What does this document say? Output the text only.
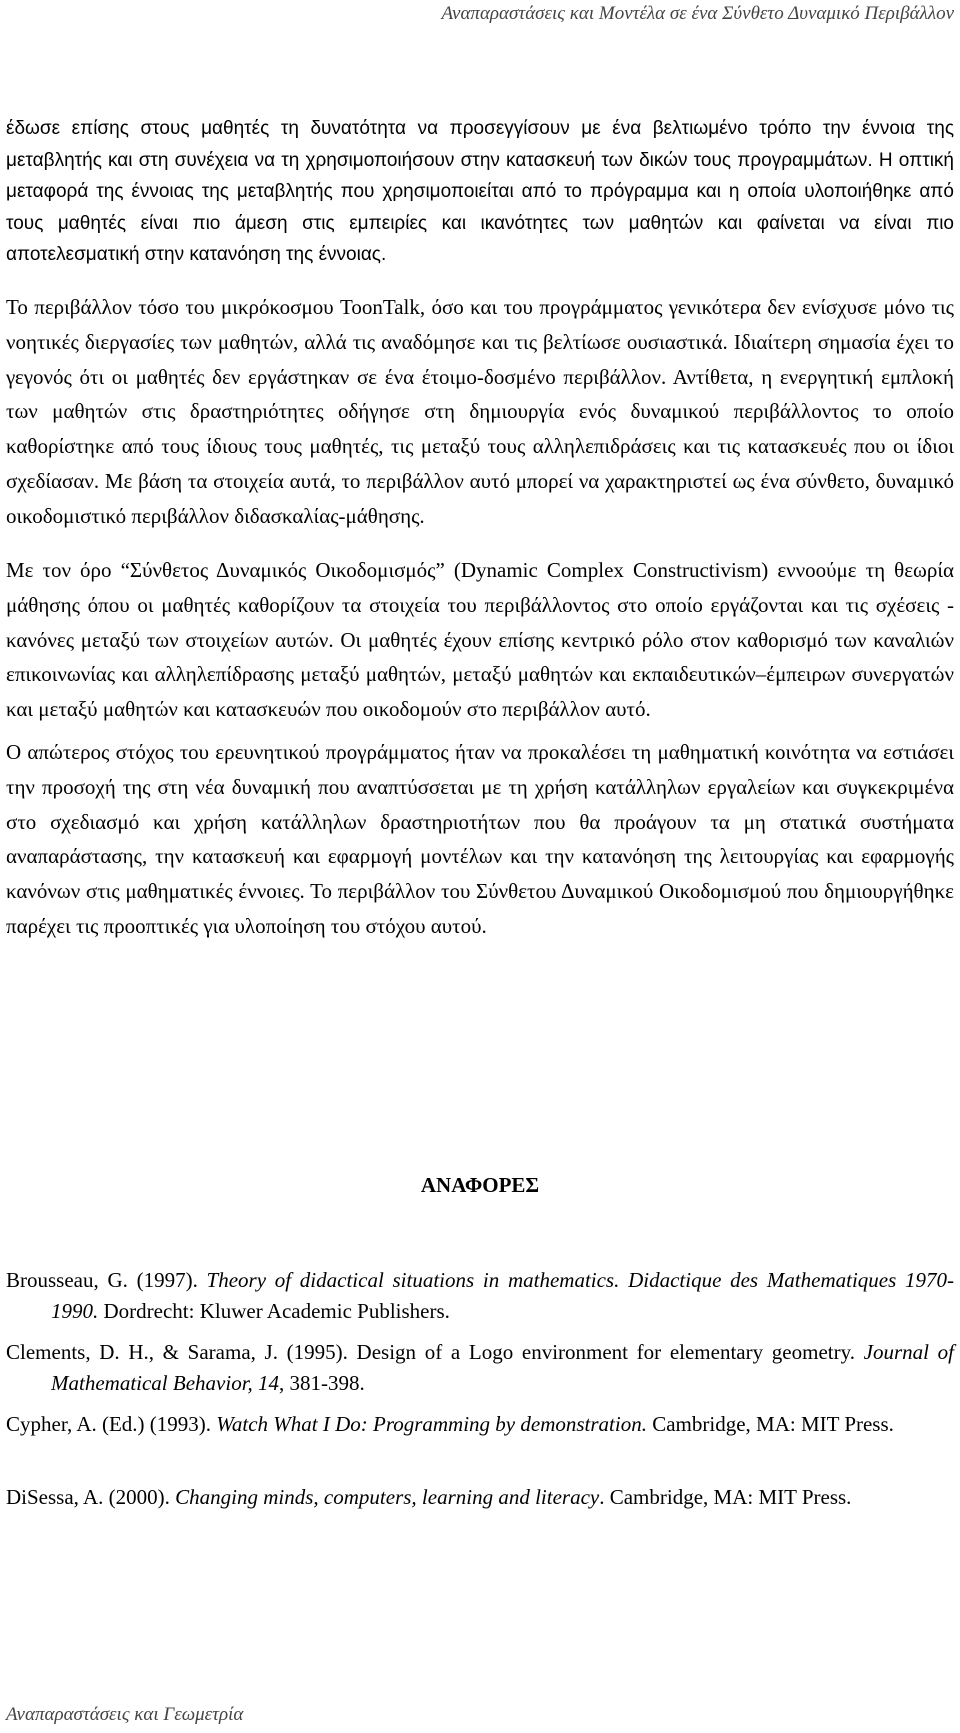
Αναπαραστάσεις και Μοντέλα σε ένα Σύνθετο Δυναμικό Περιβάλλον

έδωσε επίσης στους μαθητές τη δυνατότητα να προσεγγίσουν με ένα βελτιωμένο τρόπο την έννοια της μεταβλητής και στη συνέχεια να τη χρησιμοποιήσουν στην κατασκευή των δικών τους προγραμμάτων. Η οπτική μεταφορά της έννοιας της μεταβλητής που χρησιμοποιείται από το πρόγραμμα και η οποία υλοποιήθηκε από τους μαθητές είναι πιο άμεση στις εμπειρίες και ικανότητες των μαθητών και φαίνεται να είναι πιο αποτελεσματική στην κατανόηση της έννοιας.

Το περιβάλλον τόσο του μικρόκοσμου ToonTalk, όσο και του προγράμματος γενικότερα δεν ενίσχυσε μόνο τις νοητικές διεργασίες των μαθητών, αλλά τις αναδόμησε και τις βελτίωσε ουσιαστικά. Ιδιαίτερη σημασία έχει το γεγονός ότι οι μαθητές δεν εργάστηκαν σε ένα έτοιμο-δοσμένο περιβάλλον. Αντίθετα, η ενεργητική εμπλοκή των μαθητών στις δραστηριότητες οδήγησε στη δημιουργία ενός δυναμικού περιβάλλοντος το οποίο καθορίστηκε από τους ίδιους τους μαθητές, τις μεταξύ τους αλληλεπιδράσεις και τις κατασκευές που οι ίδιοι σχεδίασαν. Με βάση τα στοιχεία αυτά, το περιβάλλον αυτό μπορεί να χαρακτηριστεί ως ένα σύνθετο, δυναμικό οικοδομιστικό περιβάλλον διδασκαλίας-μάθησης.

Με τον όρο “Σύνθετος Δυναμικός Οικοδομισμός” (Dynamic Complex Constructivism) εννοούμε τη θεωρία μάθησης όπου οι μαθητές καθορίζουν τα στοιχεία του περιβάλλοντος στο οποίο εργάζονται και τις σχέσεις - κανόνες μεταξύ των στοιχείων αυτών. Οι μαθητές έχουν επίσης κεντρικό ρόλο στον καθορισμό των καναλιών επικοινωνίας και αλληλεπίδρασης μεταξύ μαθητών, μεταξύ μαθητών και εκπαιδευτικών–έμπειρων συνεργατών και μεταξύ μαθητών και κατασκευών που οικοδομούν στο περιβάλλον αυτό.

Ο απώτερος στόχος του ερευνητικού προγράμματος ήταν να προκαλέσει τη μαθηματική κοινότητα να εστιάσει την προσοχή της στη νέα δυναμική που αναπτύσσεται με τη χρήση κατάλληλων εργαλείων και συγκεκριμένα στο σχεδιασμό και χρήση κατάλληλων δραστηριοτήτων που θα προάγουν τα μη στατικά συστήματα αναπαράστασης, την κατασκευή και εφαρμογή μοντέλων και την κατανόηση της λειτουργίας και εφαρμογής κανόνων στις μαθηματικές έννοιες. Το περιβάλλον του Σύνθετου Δυναμικού Οικοδομισμού που δημιουργήθηκε παρέχει τις προοπτικές για υλοποίηση του στόχου αυτού.

ΑΝΑΦΟΡΕΣ

Brousseau, G. (1997). Theory of didactical situations in mathematics. Didactique des Mathematiques 1970-1990. Dordrecht: Kluwer Academic Publishers.

Clements, D. H., & Sarama, J. (1995). Design of a Logo environment for elementary geometry. Journal of Mathematical Behavior, 14, 381-398.

Cypher, A. (Ed.) (1993). Watch What I Do: Programming by demonstration. Cambridge, MA: MIT Press.

DiSessa, A. (2000). Changing minds, computers, learning and literacy. Cambridge, MA: MIT Press.

Αναπαραστάσεις και Γεωμετρία
